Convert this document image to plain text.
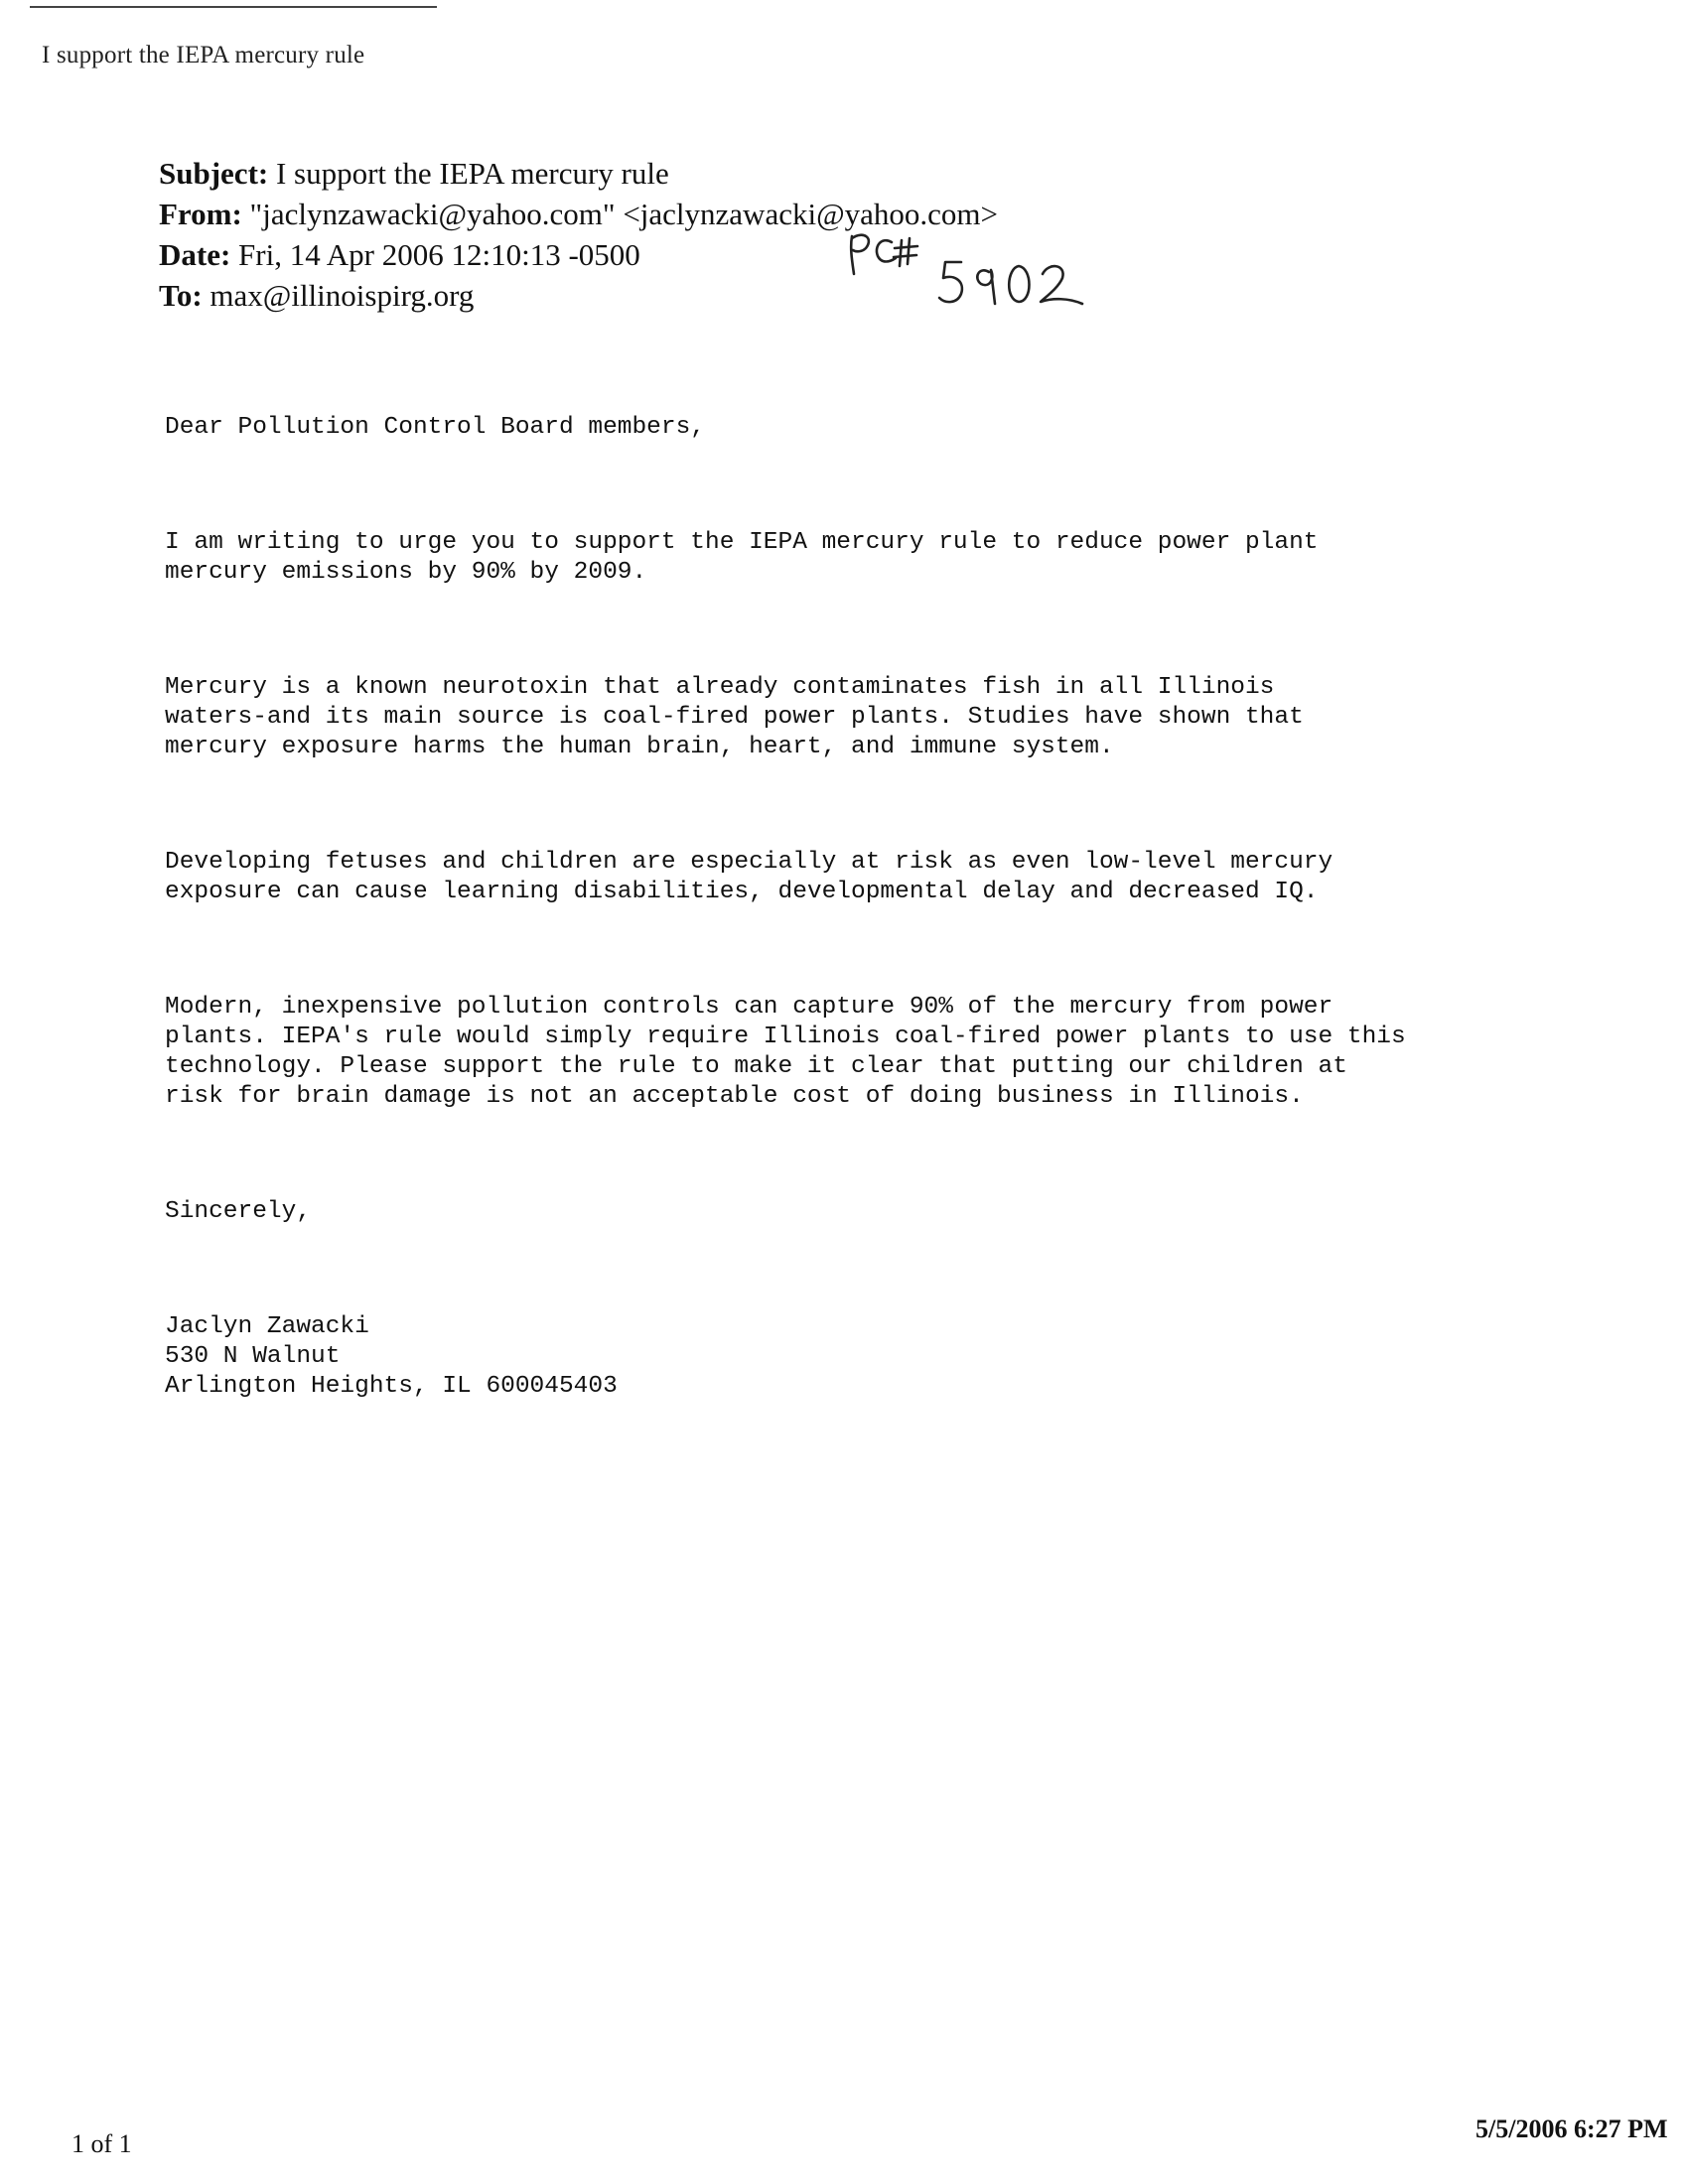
I support the IEPA mercury rule
Subject: I support the IEPA mercury rule
From: "jaclynzawacki@yahoo.com" <jaclynzawacki@yahoo.com>
Date: Fri, 14 Apr 2006 12:10:13 -0500
To: max@illinoispirg.org

Dear Pollution Control Board members,

I am writing to urge you to support the IEPA mercury rule to reduce power plant
mercury emissions by 90% by 2009.

Mercury is a known neurotoxin that already contaminates fish in all Illinois
waters-and its main source is coal-fired power plants. Studies have shown that
mercury exposure harms the human brain, heart, and immune system.

Developing fetuses and children are especially at risk as even low-level mercury
exposure can cause learning disabilities, developmental delay and decreased IQ.

Modern, inexpensive pollution controls can capture 90% of the mercury from power
plants. IEPA's rule would simply require Illinois coal-fired power plants to use this
technology. Please support the rule to make it clear that putting our children at
risk for brain damage is not an acceptable cost of doing business in Illinois.

Sincerely,

Jaclyn Zawacki
530 N Walnut
Arlington Heights, IL 600045403

1 of 1
5/5/2006 6:27 PM
